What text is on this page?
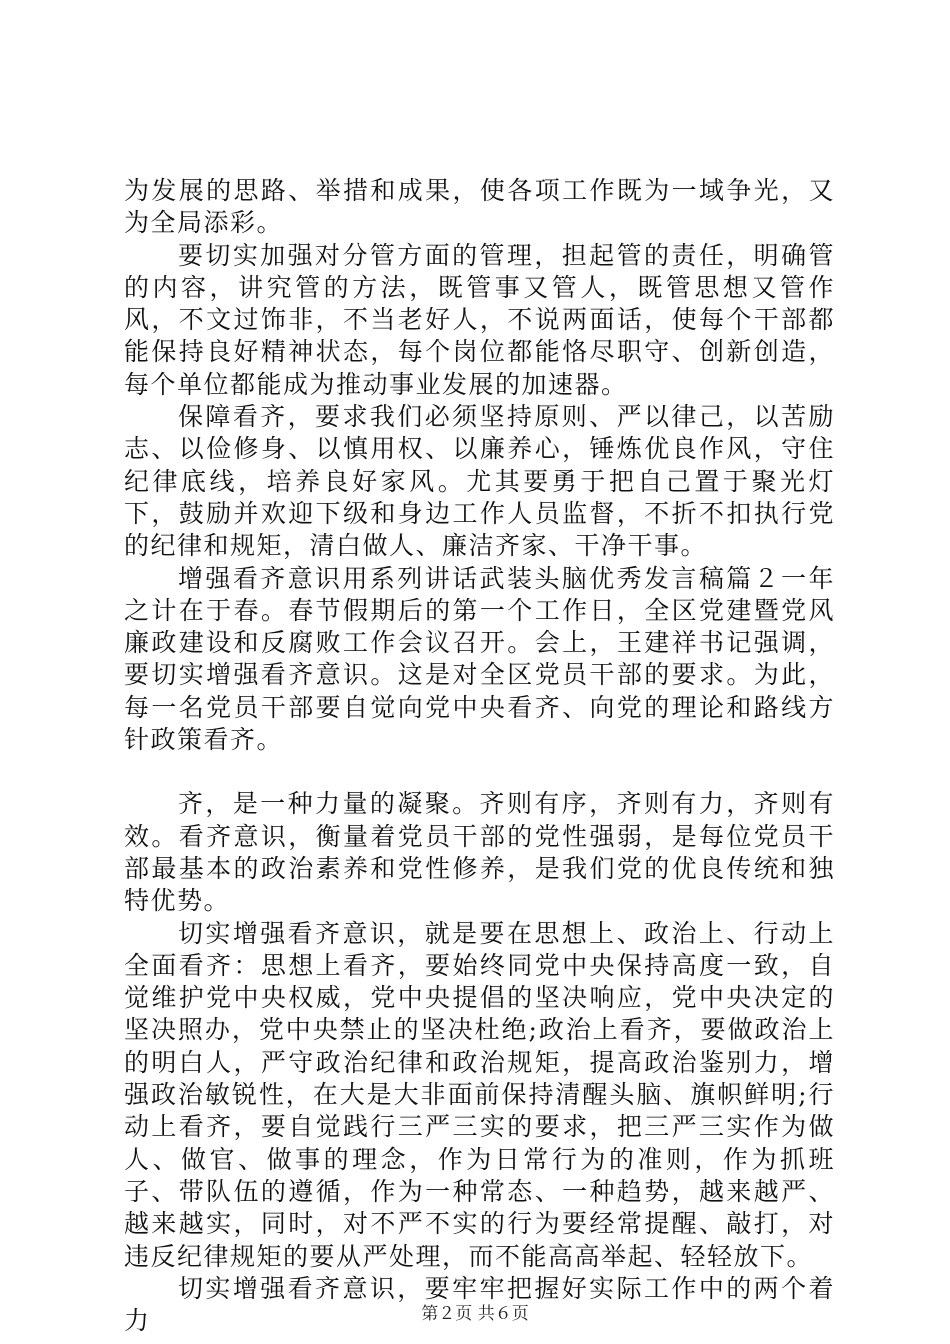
为发展的思路、举措和成果，使各项工作既为一域争光，又为全局添彩。

要切实加强对分管方面的管理，担起管的责任，明确管的内容，讲究管的方法，既管事又管人，既管思想又管作风，不文过饰非，不当老好人，不说两面话，使每个干部都能保持良好精神状态，每个岗位都能恪尽职守、创新创造，每个单位都能成为推动事业发展的加速器。

保障看齐，要求我们必须坚持原则、严以律己，以苦励志、以俭修身、以慎用权、以廉养心，锤炼优良作风，守住纪律底线，培养良好家风。尤其要勇于把自己置于聚光灯下，鼓励并欢迎下级和身边工作人员监督，不折不扣执行党的纪律和规矩，清白做人、廉洁齐家、干净干事。

增强看齐意识用系列讲话武装头脑优秀发言稿篇２一年之计在于春。春节假期后的第一个工作日，全区党建暨党风廉政建设和反腐败工作会议召开。会上，王建祥书记强调，要切实增强看齐意识。这是对全区党员干部的要求。为此，每一名党员干部要自觉向党中央看齐、向党的理论和路线方针政策看齐。

齐，是一种力量的凝聚。齐则有序，齐则有力，齐则有效。看齐意识，衡量着党员干部的党性强弱，是每位党员干部最基本的政治素养和党性修养，是我们党的优良传统和独特优势。

切实增强看齐意识，就是要在思想上、政治上、行动上全面看齐：思想上看齐，要始终同党中央保持高度一致，自觉维护党中央权威，党中央提倡的坚决响应，党中央决定的坚决照办，党中央禁止的坚决杜绝;政治上看齐，要做政治上的明白人，严守政治纪律和政治规矩，提高政治鉴别力，增强政治敏锐性，在大是大非面前保持清醒头脑、旗帜鲜明;行动上看齐，要自觉践行三严三实的要求，把三严三实作为做人、做官、做事的理念，作为日常行为的准则，作为抓班子、带队伍的遵循，作为一种常态、一种趋势，越来越严、越来越实，同时，对不严不实的行为要经常提醒、敲打，对违反纪律规矩的要从严处理，而不能高高举起、轻轻放下。

切实增强看齐意识，要牢牢把握好实际工作中的两个着力	第２页 共６页
